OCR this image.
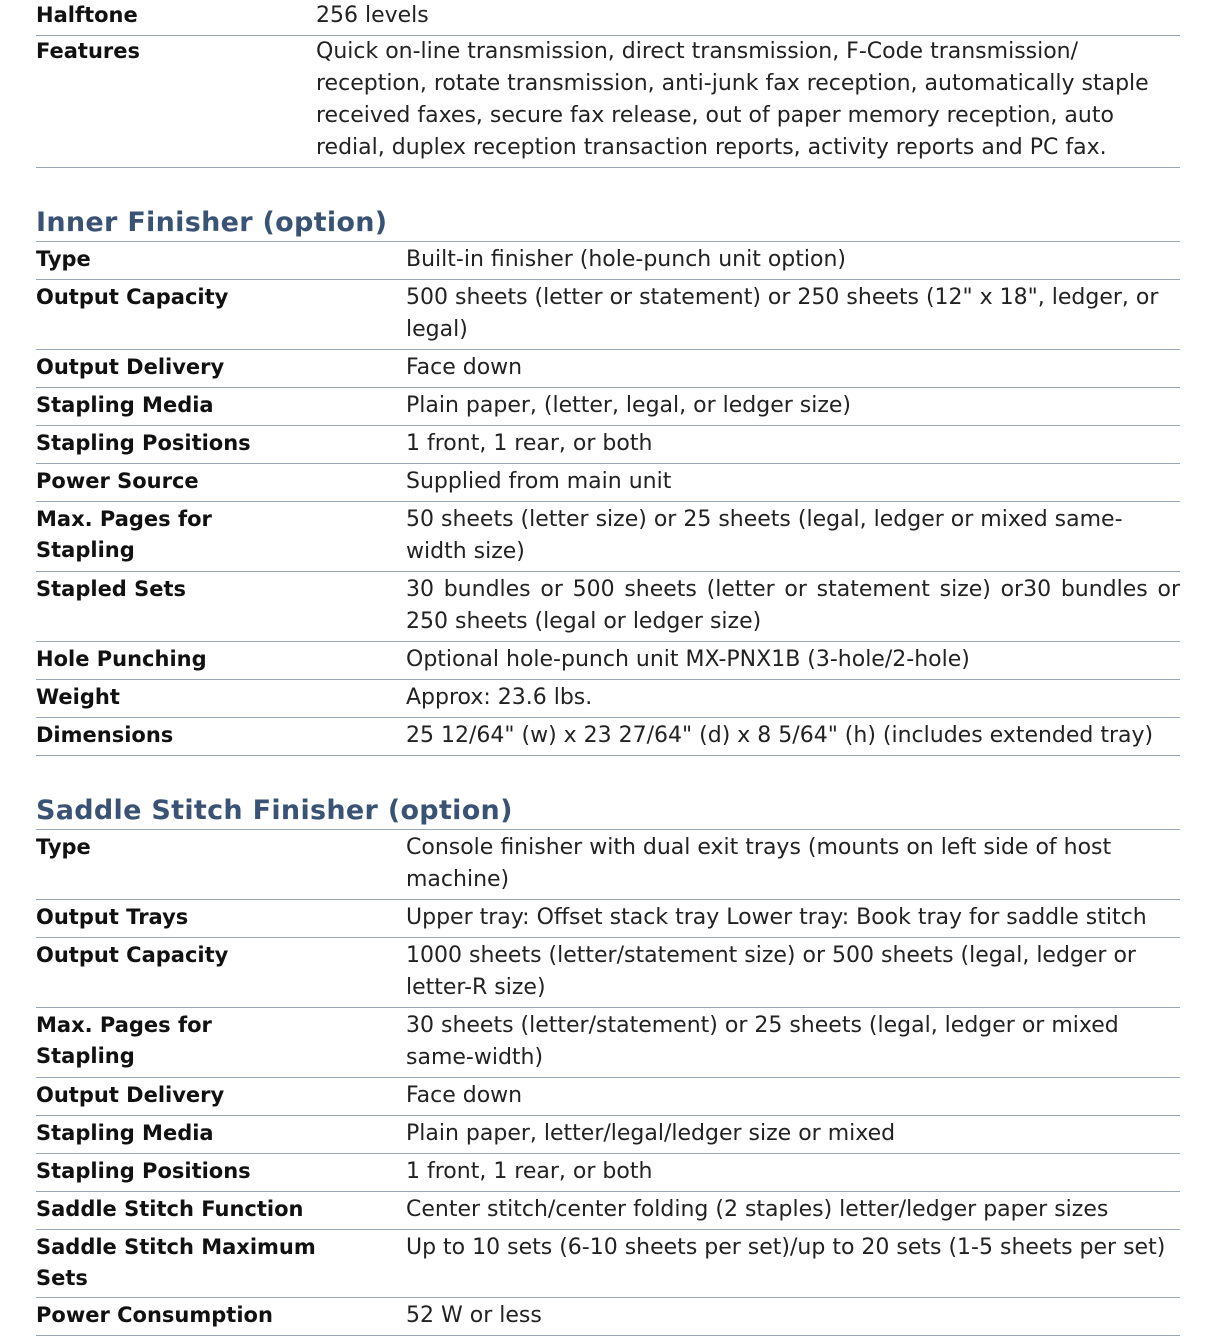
Halftone	256 levels
Features	Quick on-line transmission, direct transmission, F-Code transmission/ reception, rotate transmission, anti-junk fax reception, automatically staple received faxes, secure fax release, out of paper memory reception, auto redial, duplex reception transaction reports, activity reports and PC fax.
Inner Finisher (option)
Type	Built-in finisher (hole-punch unit option)
Output Capacity	500 sheets (letter or statement) or 250 sheets (12" x 18", ledger, or legal)
Output Delivery	Face down
Stapling Media	Plain paper, (letter, legal, or ledger size)
Stapling Positions	1 front, 1 rear, or both
Power Source	Supplied from main unit
Max. Pages for Stapling	50 sheets (letter size) or 25 sheets (legal, ledger or mixed same-width size)
Stapled Sets	30 bundles or 500 sheets (letter or statement size) or30 bundles or 250 sheets (legal or ledger size)
Hole Punching	Optional hole-punch unit MX-PNX1B (3-hole/2-hole)
Weight	Approx: 23.6 lbs.
Dimensions	25 12/64" (w) x 23 27/64" (d) x 8 5/64" (h) (includes extended tray)
Saddle Stitch Finisher (option)
Type	Console finisher with dual exit trays (mounts on left side of host machine)
Output Trays	Upper tray: Offset stack tray Lower tray: Book tray for saddle stitch
Output Capacity	1000 sheets (letter/statement size) or 500 sheets (legal, ledger or letter-R size)
Max. Pages for Stapling	30 sheets (letter/statement) or 25 sheets (legal, ledger or mixed same-width)
Output Delivery	Face down
Stapling Media	Plain paper, letter/legal/ledger size or mixed
Stapling Positions	1 front, 1 rear, or both
Saddle Stitch Function	Center stitch/center folding (2 staples) letter/ledger paper sizes
Saddle Stitch Maximum Sets	Up to 10 sets (6-10 sheets per set)/up to 20 sets (1-5 sheets per set)
Power Consumption	52 W or less
